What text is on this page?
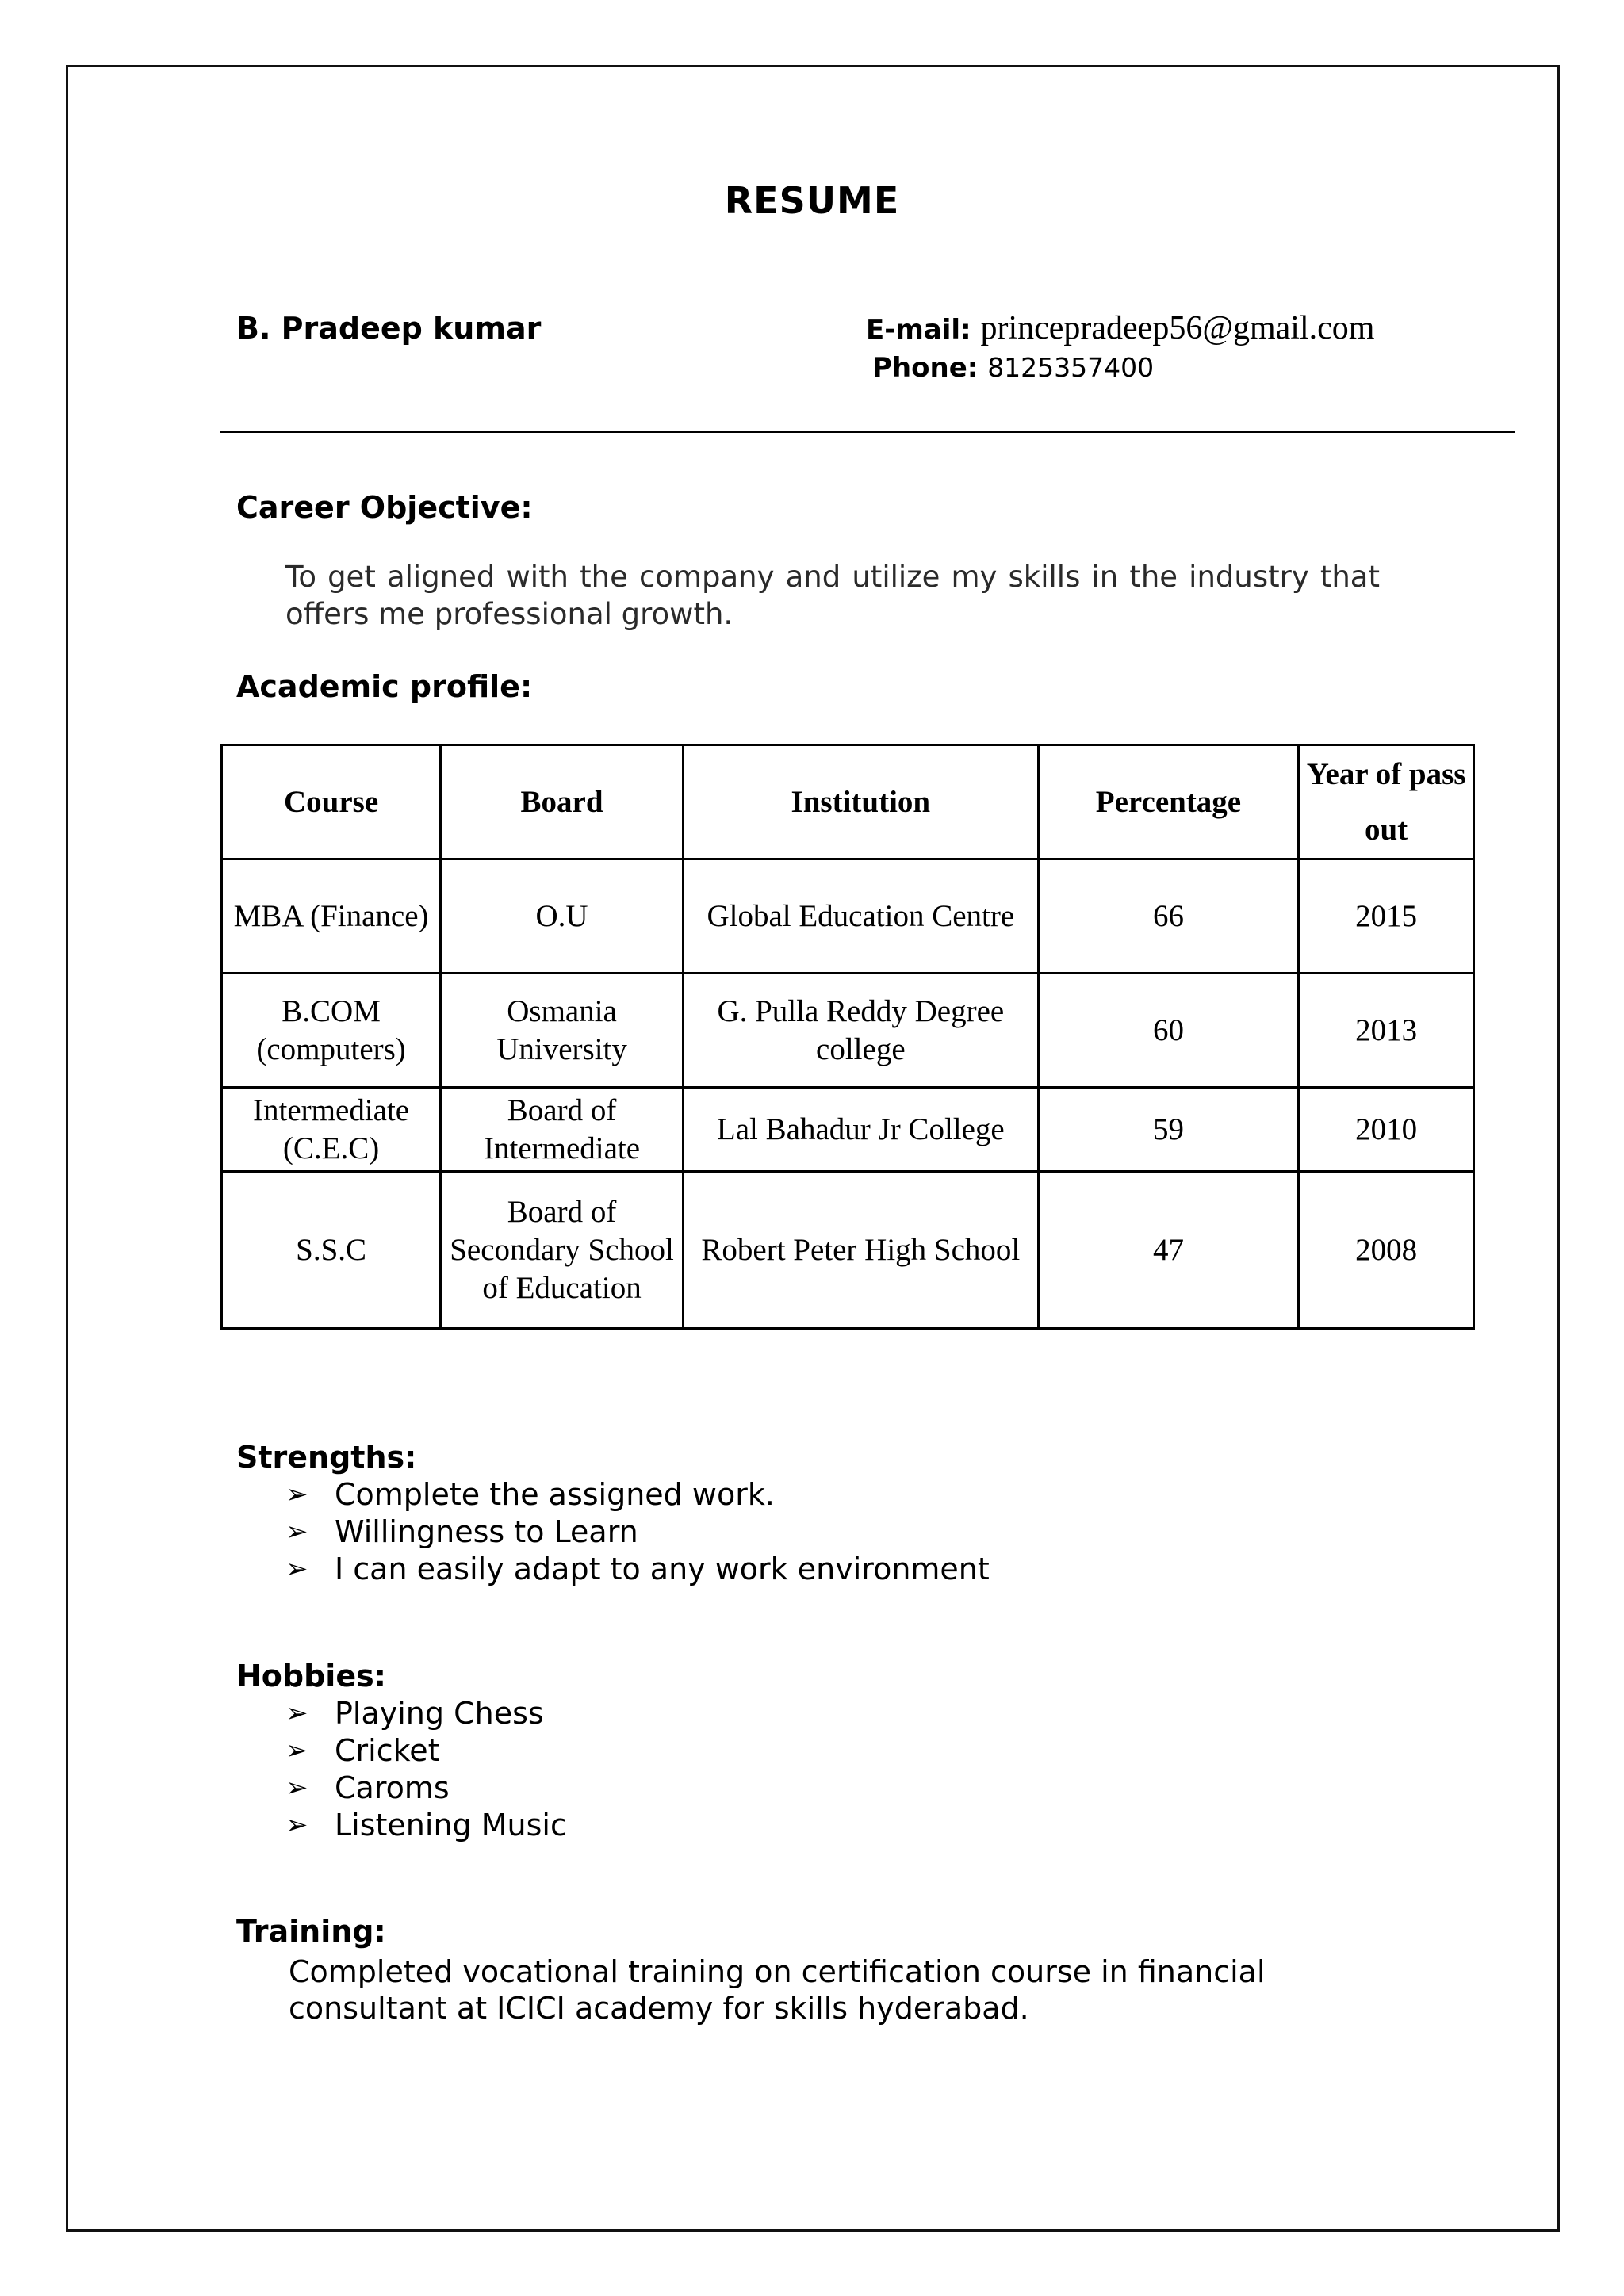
RESUME
B. Pradeep kumar	E-mail: princepradeep56@gmail.com
Phone: 8125357400
Career Objective:
To get aligned with the company and utilize my skills in the industry that offers me professional growth.
Academic profile:
Course	Board	Institution	Percentage	Year of pass out
MBA (Finance)	O.U	Global Education Centre	66	2015
B.COM (computers)	Osmania University	G. Pulla Reddy Degree college	60	2013
Intermediate (C.E.C)	Board of Intermediate	Lal Bahadur Jr College	59	2010
S.S.C	Board of Secondary School of Education	Robert Peter High School	47	2008
Strengths:
➢ Complete the assigned work.
➢ Willingness to Learn
➢ I can easily adapt to any work environment
Hobbies:
➢ Playing Chess
➢ Cricket
➢ Caroms
➢ Listening Music
Training:
Completed vocational training on certification course in financial consultant at ICICI academy for skills hyderabad.
